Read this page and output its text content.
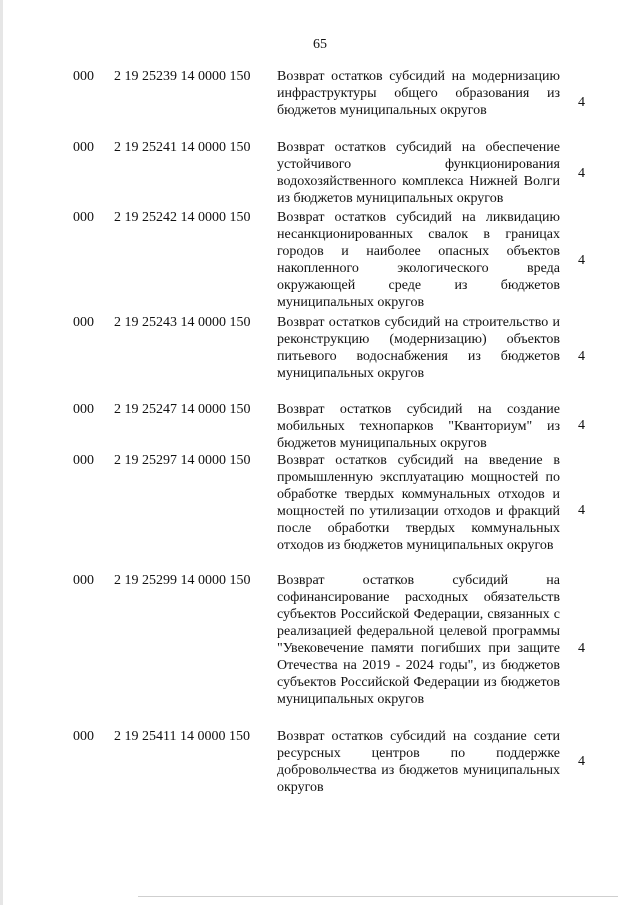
65
000 2 19 25239 14 0000 150 Возврат остатков субсидий на модернизацию инфраструктуры общего образования из бюджетов муниципальных округов
4
000 2 19 25241 14 0000 150 Возврат остатков субсидий на обеспечение устойчивого функционирования водохозяйственного комплекса Нижней Волги из бюджетов муниципальных округов
4
000 2 19 25242 14 0000 150 Возврат остатков субсидий на ликвидацию несанкционированных свалок в границах городов и наиболее опасных объектов накопленного экологического вреда окружающей среде из бюджетов муниципальных округов
4
000 2 19 25243 14 0000 150 Возврат остатков субсидий на строительство и реконструкцию (модернизацию) объектов питьевого водоснабжения из бюджетов муниципальных округов
4
000 2 19 25247 14 0000 150 Возврат остатков субсидий на создание мобильных технопарков "Кванториум" из бюджетов муниципальных округов
4
000 2 19 25297 14 0000 150 Возврат остатков субсидий на введение в промышленную эксплуатацию мощностей по обработке твердых коммунальных отходов и мощностей по утилизации отходов и фракций после обработки твердых коммунальных отходов из бюджетов муниципальных округов
4
000 2 19 25299 14 0000 150 Возврат остатков субсидий на софинансирование расходных обязательств субъектов Российской Федерации, связанных с реализацией федеральной целевой программы "Увековечение памяти погибших при защите Отечества на 2019 - 2024 годы", из бюджетов субъектов Российской Федерации из бюджетов муниципальных округов
4
000 2 19 25411 14 0000 150 Возврат остатков субсидий на создание сети ресурсных центров по поддержке добровольчества из бюджетов муниципальных округов
4
